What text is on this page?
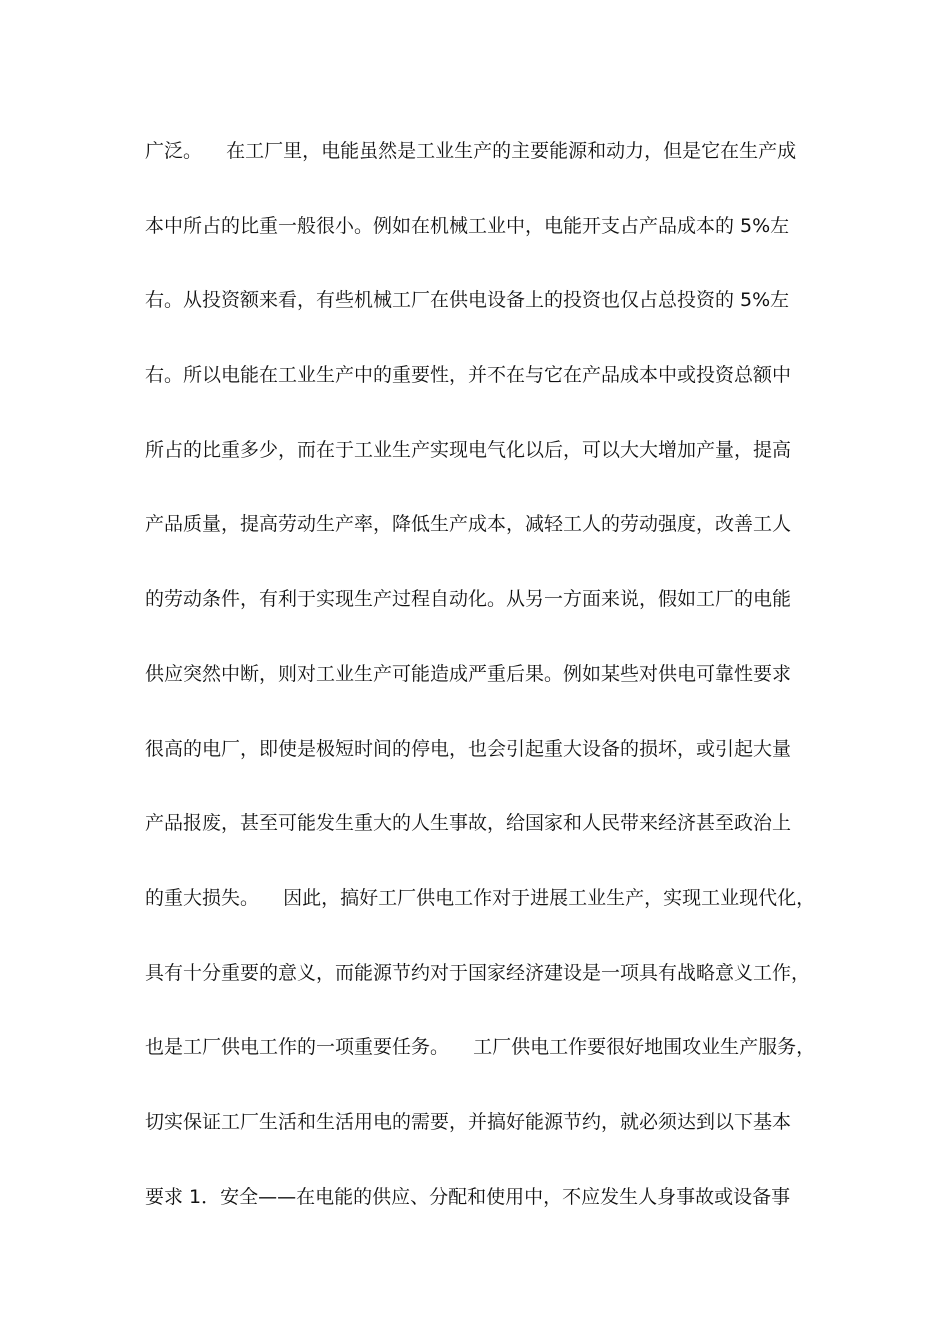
广泛。    在工厂里，电能虽然是工业生产的主要能源和动力，但是它在生产成
本中所占的比重一般很小。例如在机械工业中，电能开支占产品成本的 5%左
右。从投资额来看，有些机械工厂在供电设备上的投资也仅占总投资的 5%左
右。所以电能在工业生产中的重要性，并不在与它在产品成本中或投资总额中
所占的比重多少，而在于工业生产实现电气化以后，可以大大增加产量，提高
产品质量，提高劳动生产率，降低生产成本，减轻工人的劳动强度，改善工人
的劳动条件，有利于实现生产过程自动化。从另一方面来说，假如工厂的电能
供应突然中断，则对工业生产可能造成严重后果。例如某些对供电可靠性要求
很高的电厂，即使是极短时间的停电，也会引起重大设备的损坏，或引起大量
产品报废，甚至可能发生重大的人生事故，给国家和人民带来经济甚至政治上
的重大损失。    因此，搞好工厂供电工作对于进展工业生产，实现工业现代化，
具有十分重要的意义，而能源节约对于国家经济建设是一项具有战略意义工作，
也是工厂供电工作的一项重要任务。    工厂供电工作要很好地围攻业生产服务，
切实保证工厂生活和生活用电的需要，并搞好能源节约，就必须达到以下基本
要求 1．安全——在电能的供应、分配和使用中，不应发生人身事故或设备事
